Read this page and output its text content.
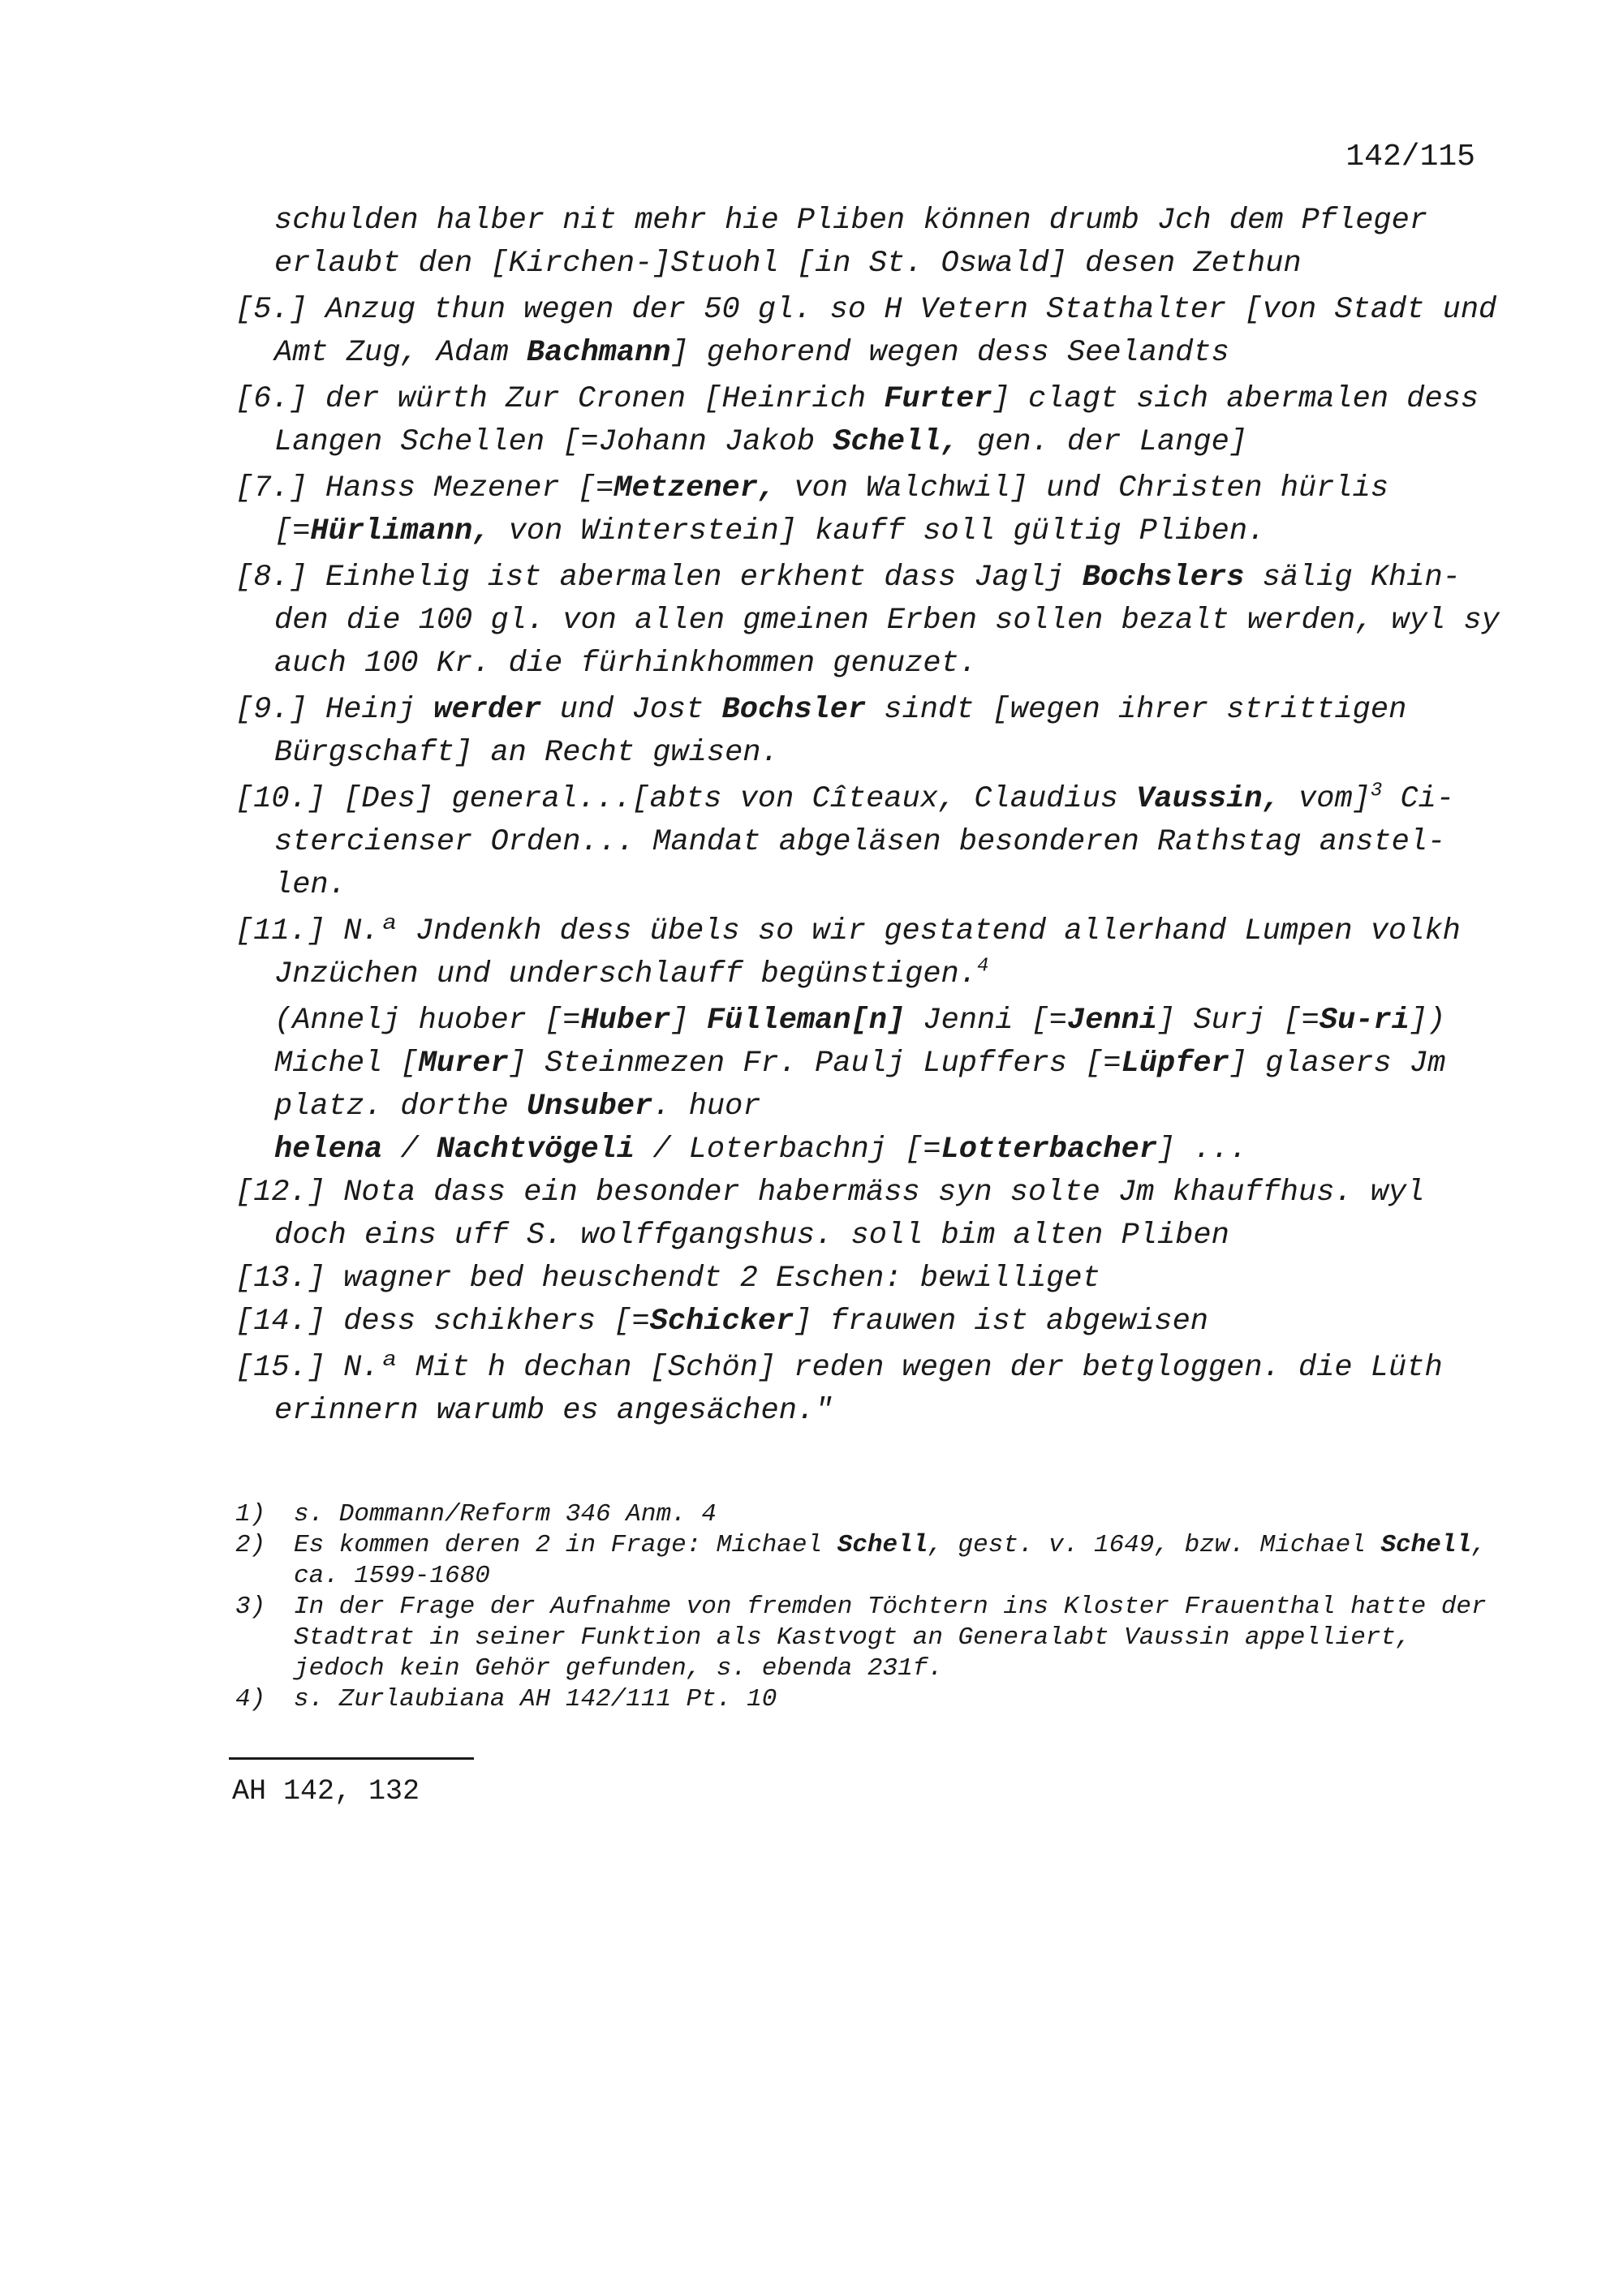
142/115

schulden halber nit mehr hie Pliben können drumb Jch dem Pfleger
erlaubt den [Kirchen-]Stuohl [in St. Oswald] desen Zethun

[5.] Anzug thun wegen der 50 gl. so H Vetern Stathalter [von Stadt und Amt Zug, Adam Bachmann] gehorend wegen dess Seelandts

[6.] der würth Zur Cronen [Heinrich Furter] clagt sich abermalen dess Langen Schellen [=Johann Jakob Schell, gen. der Lange]

[7.] Hanss Mezener [=Metzener, von Walchwil] und Christen hürlis [=Hürlimann, von Winterstein] kauff soll gültig Pliben.

[8.] Einhelig ist abermalen erkhent dass Jaglj Bochslers sälig Khin-den die 100 gl. von allen gmeinen Erben sollen bezalt werden, wyl sy auch 100 Kr. die fürhinkhommen genuzet.

[9.] Heinj werder und Jost Bochsler sindt [wegen ihrer strittigen Bürgschaft] an Recht gwisen.

[10.] [Des] general...[abts von Cîteaux, Claudius Vaussin, vom]$^3$ Ci-stercienser Orden... Mandat abgeläsen besonderen Rathstag anstel-len.

[11.] N.ª Jndenkh dess übels so wir gestatend allerhand Lumpen volkh Jnzüchen und underschlauff begünstigen.$^4$

(Annelj huober [=Huber] Fülleman[n] Jenni [=Jenni] Surj [=Su-ri])

Michel [Murer] Steinmezen Fr. Paulj Lupffers [=Lüpfer] glasers Jm platz. dorthe Unsuber. huor

helena / Nachtvögeli / Loterbachnj [=Lotterbacher] ...

[12.] Nota dass ein besonder habermäss syn solte Jm khauffhus. wyl doch eins uff S. wolffgangshus. soll bim alten Pliben

[13.] wagner bed heuschendt 2 Eschen: bewilliget

[14.] dess schikhers [=Schicker] frauwen ist abgewisen

[15.] N.ª Mit h dechan [Schön] reden wegen der betgloggen. die Lüth erinnern warumb es angesächen."

1)	s. Dommann/Reform 346 Anm. 4

2)	Es kommen deren 2 in Frage: Michael Schell, gest. v. 1649, bzw. Michael Schell, ca. 1599-1680

3)	In der Frage der Aufnahme von fremden Töchtern ins Kloster Frauenthal hatte der Stadtrat in seiner Funktion als Kastvogt an Generalabt Vaussin appelliert, jedoch kein Gehör gefunden, s. ebenda 231f.

4)	s. Zurlaubiana AH 142/111 Pt. 10

AH 142, 132
